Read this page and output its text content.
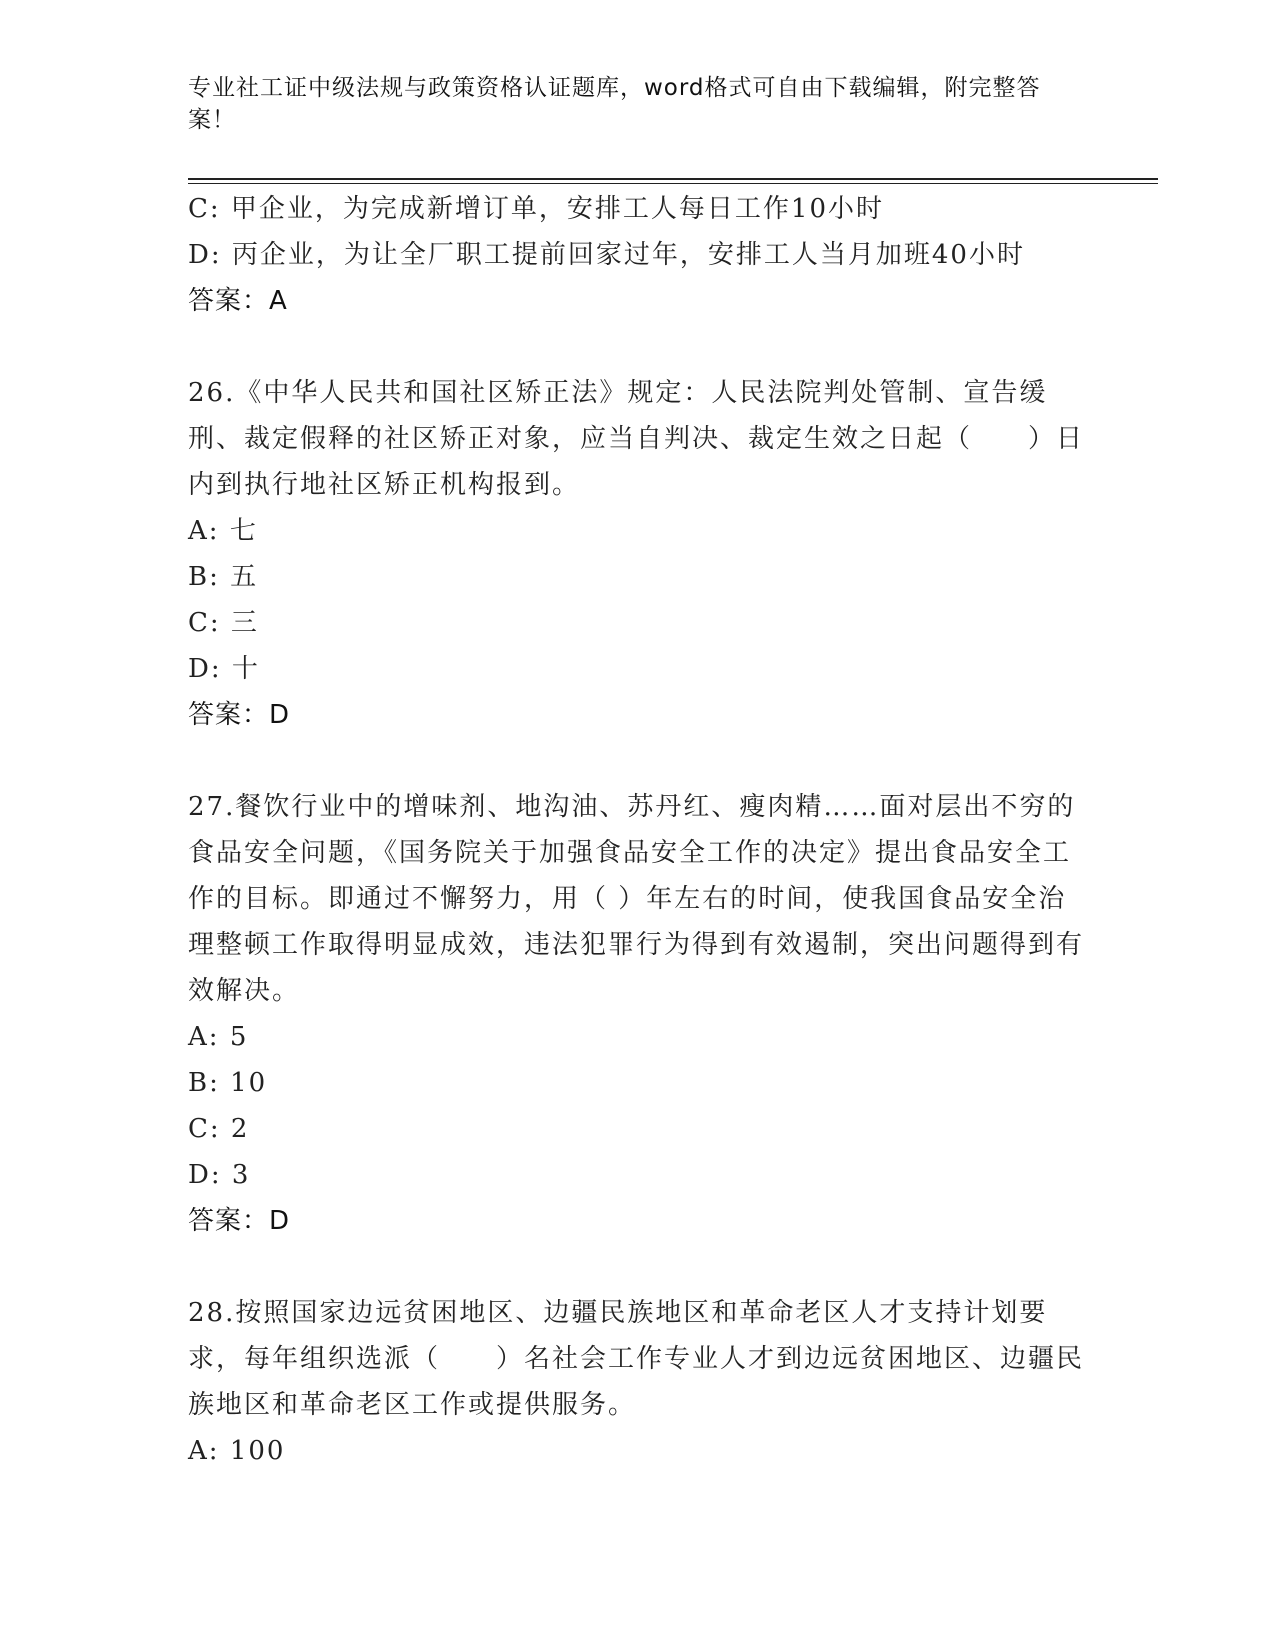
专业社工证中级法规与政策资格认证题库，word格式可自由下载编辑，附完整答案！

C: 甲企业，为完成新增订单，安排工人每日工作10小时

D: 丙企业，为让全厂职工提前回家过年，安排工人当月加班40小时

答案：A

26.《中华人民共和国社区矫正法》规定：人民法院判处管制、宣告缓刑、裁定假释的社区矫正对象，应当自判决、裁定生效之日起（　　）日内到执行地社区矫正机构报到。

A: 七

B: 五

C: 三

D: 十

答案：D

27.餐饮行业中的增味剂、地沟油、苏丹红、瘦肉精……面对层出不穷的食品安全问题，《国务院关于加强食品安全工作的决定》提出食品安全工作的目标。即通过不懈努力，用（ ）年左右的时间，使我国食品安全治理整顿工作取得明显成效，违法犯罪行为得到有效遏制，突出问题得到有效解决。

A: 5

B: 10

C: 2

D: 3

答案：D

28.按照国家边远贫困地区、边疆民族地区和革命老区人才支持计划要求，每年组织选派（　　）名社会工作专业人才到边远贫困地区、边疆民族地区和革命老区工作或提供服务。

A: 100
